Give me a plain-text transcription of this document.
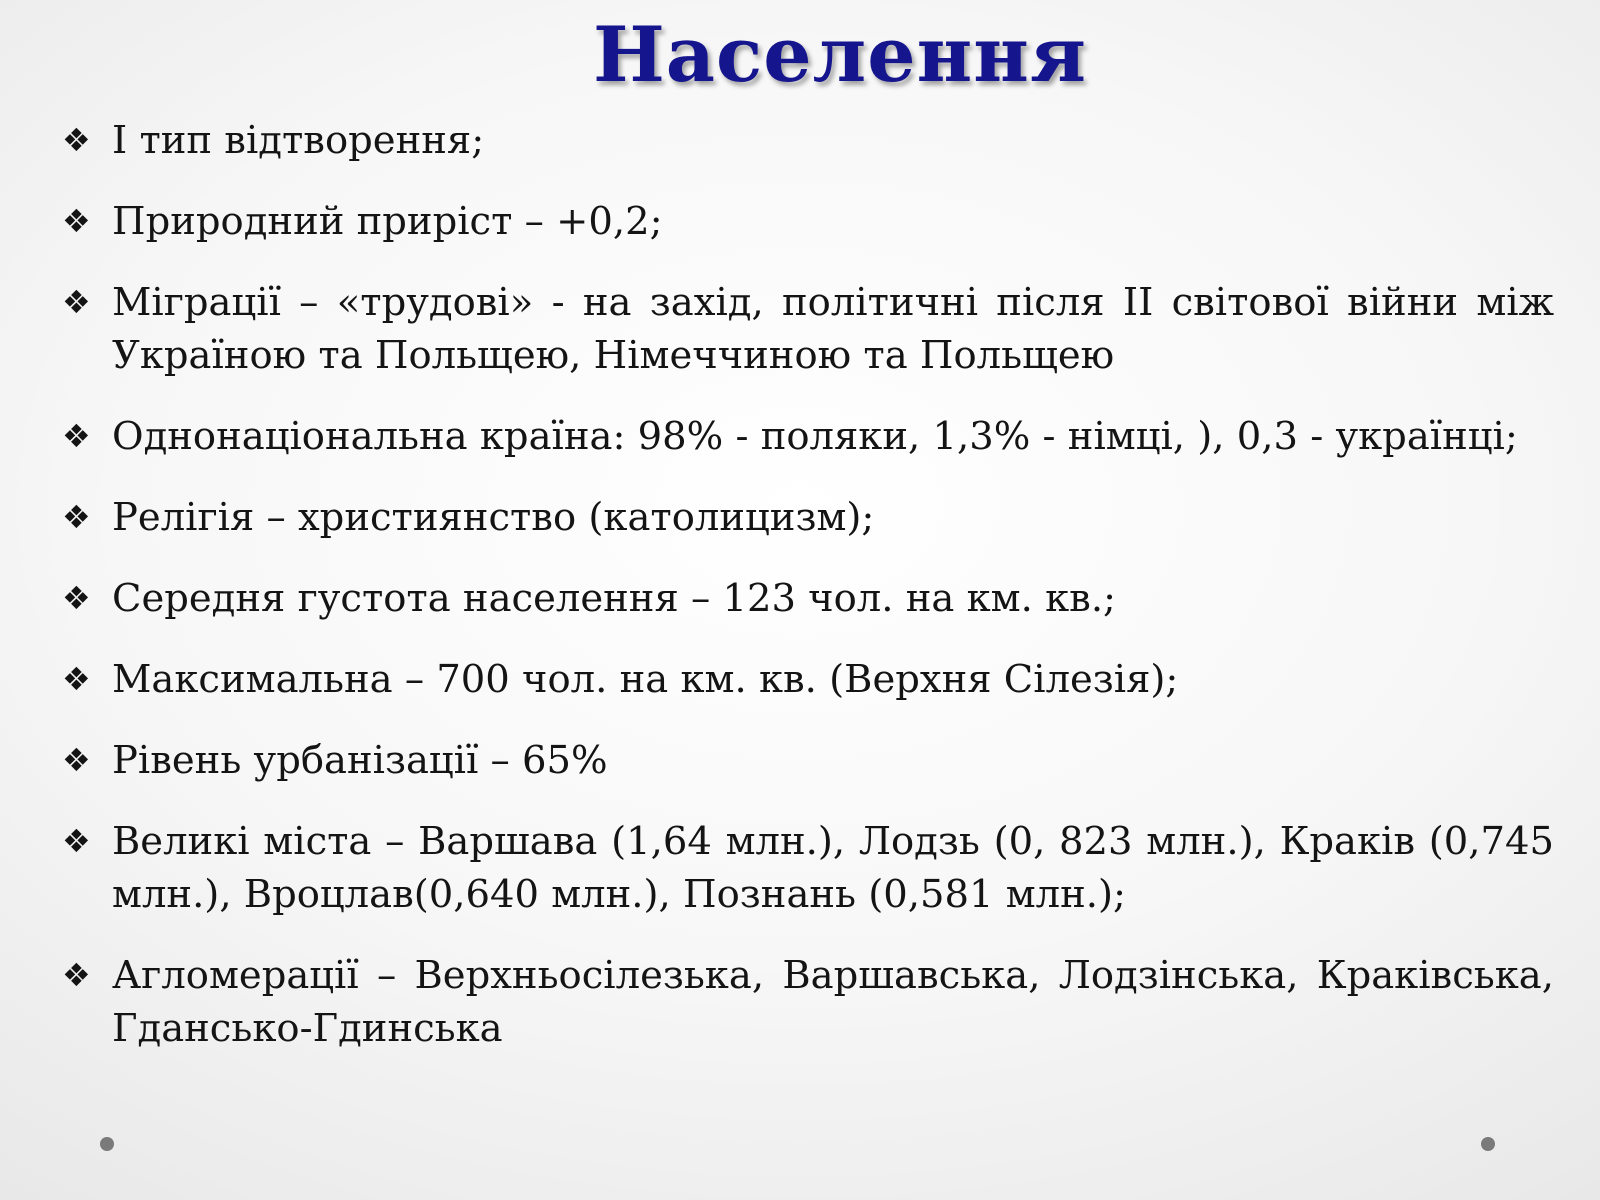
Населення
❖ І тип відтворення;
❖ Природний приріст – +0,2;
❖ Міграції – «трудові» - на захід, політичні після ІІ світової війни між Україною та Польщею, Німеччиною та Польщею
❖ Однонаціональна країна: 98% - поляки, 1,3% - німці, ), 0,3 - українці;
❖ Релігія – християнство (католицизм);
❖ Середня густота населення – 123 чол. на км. кв.;
❖ Максимальна – 700 чол. на км. кв. (Верхня Сілезія);
❖ Рівень урбанізації – 65%
❖ Великі міста – Варшава (1,64 млн.), Лодзь (0, 823 млн.), Краків (0,745 млн.), Вроцлав(0,640 млн.), Познань (0,581 млн.);
❖ Агломерації – Верхньосілезька, Варшавська, Лодзінська, Краківська, Гдансько-Гдинська
